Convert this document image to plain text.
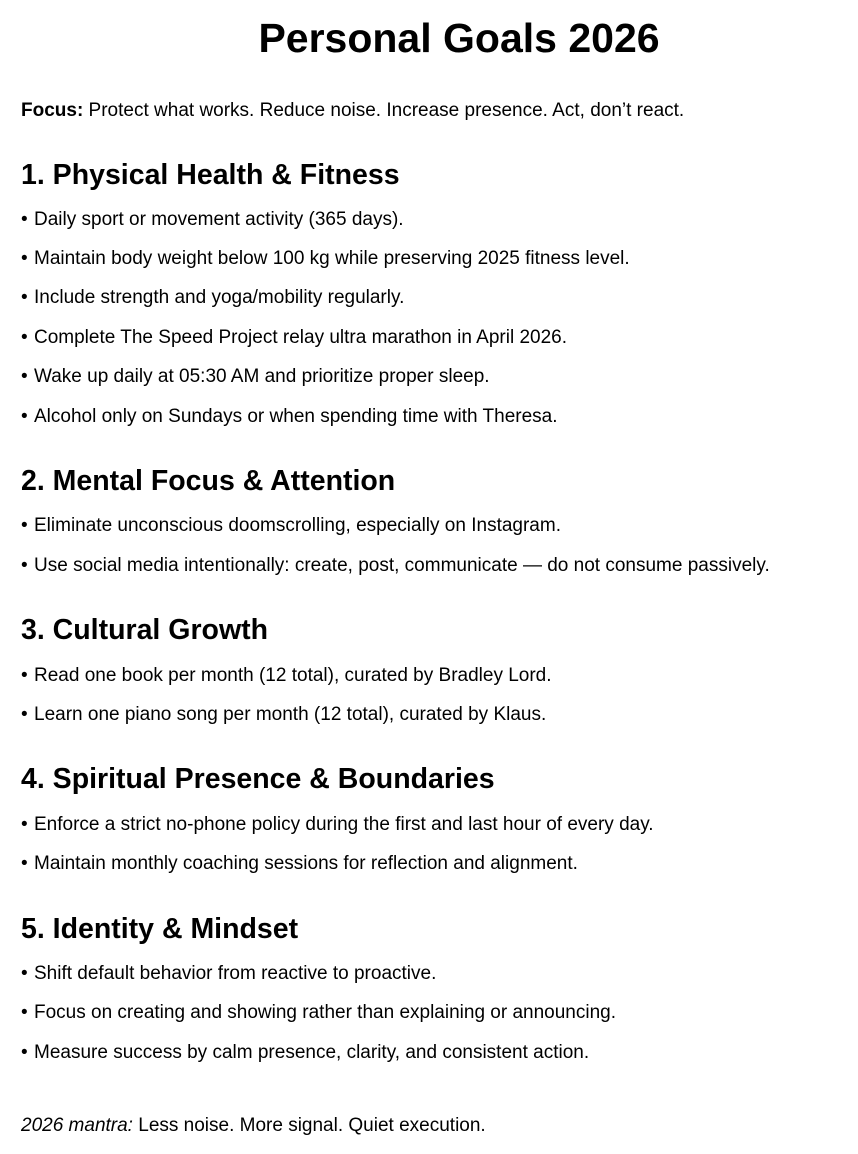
Personal Goals 2026
Focus: Protect what works. Reduce noise. Increase presence. Act, don’t react.
1. Physical Health & Fitness
• Daily sport or movement activity (365 days).
• Maintain body weight below 100 kg while preserving 2025 fitness level.
• Include strength and yoga/mobility regularly.
• Complete The Speed Project relay ultra marathon in April 2026.
• Wake up daily at 05:30 AM and prioritize proper sleep.
• Alcohol only on Sundays or when spending time with Theresa.
2. Mental Focus & Attention
• Eliminate unconscious doomscrolling, especially on Instagram.
• Use social media intentionally: create, post, communicate — do not consume passively.
3. Cultural Growth
• Read one book per month (12 total), curated by Bradley Lord.
• Learn one piano song per month (12 total), curated by Klaus.
4. Spiritual Presence & Boundaries
• Enforce a strict no-phone policy during the first and last hour of every day.
• Maintain monthly coaching sessions for reflection and alignment.
5. Identity & Mindset
• Shift default behavior from reactive to proactive.
• Focus on creating and showing rather than explaining or announcing.
• Measure success by calm presence, clarity, and consistent action.
2026 mantra: Less noise. More signal. Quiet execution.
